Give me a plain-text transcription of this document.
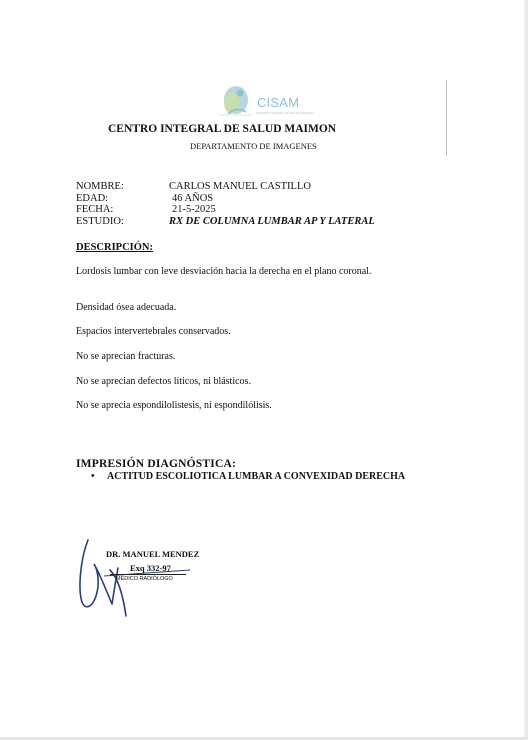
CISAM
CENTRO INTEGRAL DE SALUD MAIMON
CENTRO INTEGRAL DE SALUD MAIMON
DEPARTAMENTO DE IMAGENES
NOMBRE:	CARLOS MANUEL CASTILLO
EDAD:	46 AÑOS
FECHA:	21-5-2025
ESTUDIO:	RX DE COLUMNA LUMBAR AP Y LATERAL
DESCRIPCIÓN:
Lordosis lumbar con leve desviación hacia la derecha en el plano coronal.
Densidad ósea adecuada.
Espacios intervertebrales conservados.
No se aprecian fracturas.
No se aprecian defectos líticos, ni blásticos.
No se aprecia espondilolistesis, ni espondilólisis.
IMPRESIÓN DIAGNÓSTICA:
• ACTITUD ESCOLIOTICA LUMBAR A CONVEXIDAD DERECHA
DR. MANUEL MENDEZ
Exq 332-97
MÉDICO RADIÓLOGO
